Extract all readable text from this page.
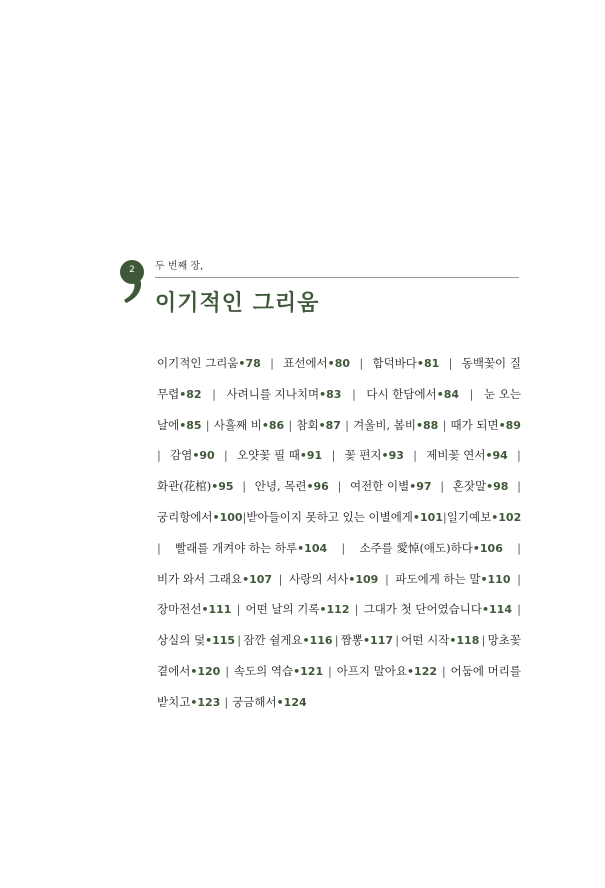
2	두 번째 장,
이기적인 그리움
이기적인 그리움•78 | 표선에서•80 | 함덕바다•81 | 동백꽃이 질
무렵•82 | 사려니를 지나치며•83 | 다시 한담에서•84 | 눈 오는
날에•85 | 사흘째 비•86 | 참회•87 | 겨울비, 봄비•88 | 때가 되면•89
| 감염•90 | 오얏꽃 필 때•91 | 꽃 편지•93 | 제비꽃 연서•94 |
화관(花棺)•95 | 안녕, 목련•96 | 여전한 이별•97 | 혼잣말•98 |
궁리항에서•100 | 받아들이지 못하고 있는 이별에게•101 | 일기예보•102
| 빨래를 개켜야 하는 하루•104 | 소주를 愛悼(애도)하다•106 |
비가 와서 그래요•107 | 사랑의 서사•109 | 파도에게 하는 말•110 |
장마전선•111 | 어떤 날의 기록•112 | 그대가 첫 단어였습니다•114 |
상실의 덫•115 | 잠깐 쉴게요•116 | 짬뽕•117 | 어떤 시작•118 | 망초꽃
곁에서•120 | 속도의 역습•121 | 아프지 말아요•122 | 어둠에 머리를
받치고•123 | 궁금해서•124
